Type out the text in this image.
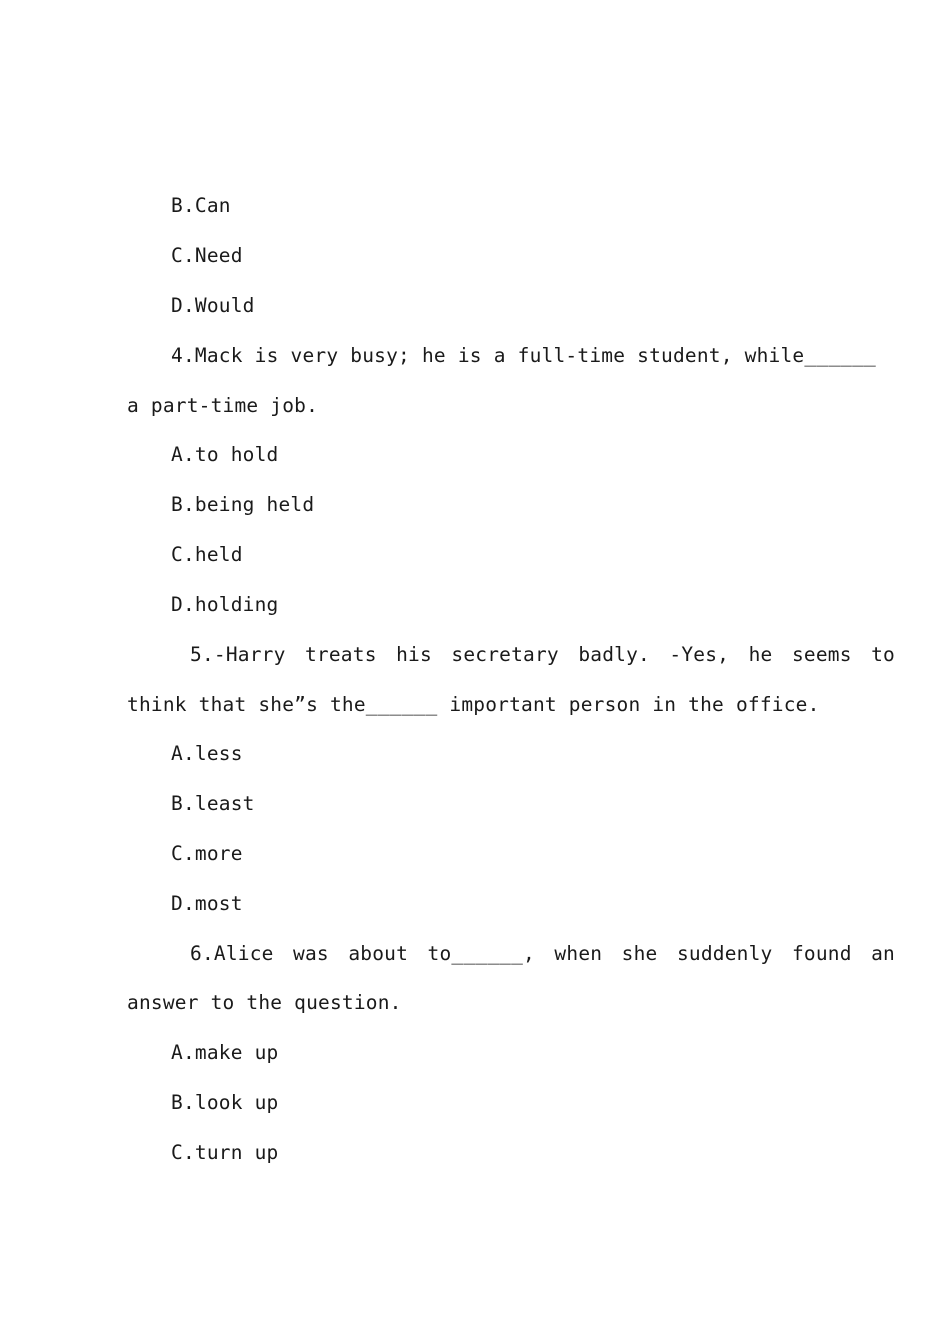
B.Can
C.Need
D.Would
4.Mack is very busy; he is a full-time student, while______
a part-time job.
A.to hold
B.being held
C.held
D.holding
5.-Harry treats his secretary badly. -Yes, he seems to
think that she”s the______ important person in the office.
A.less
B.least
C.more
D.most
6.Alice was about to______, when she suddenly found an
answer to the question.
A.make up
B.look up
C.turn up
